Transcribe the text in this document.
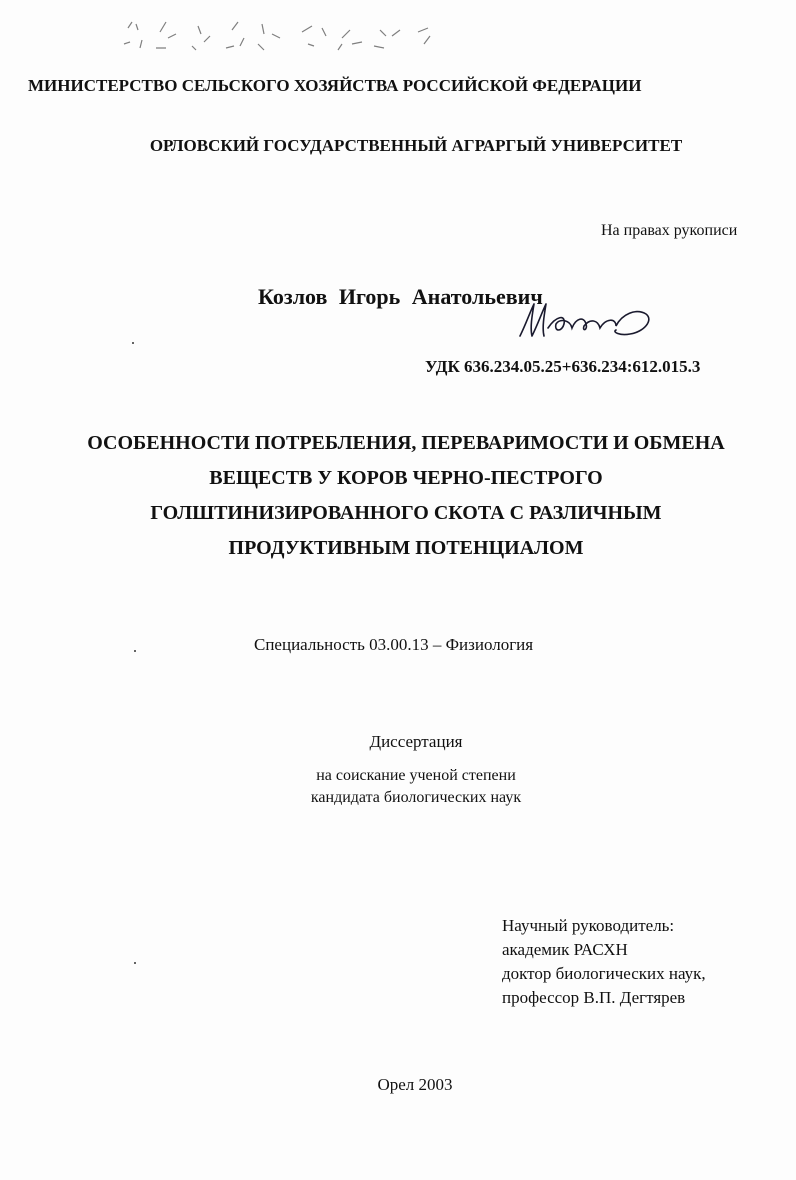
МИНИСТЕРСТВО СЕЛЬСКОГО ХОЗЯЙСТВА РОССИЙСКОЙ ФЕДЕРАЦИИ
ОРЛОВСКИЙ ГОСУДАРСТВЕННЫЙ АГРАРГЫЙ УНИВЕРСИТЕТ
На правах рукописи
Козлов Игорь Анатольевич
УДК 636.234.05.25+636.234:612.015.3
ОСОБЕННОСТИ ПОТРЕБЛЕНИЯ, ПЕРЕВАРИМОСТИ И ОБМЕНА
ВЕЩЕСТВ У КОРОВ ЧЕРНО-ПЕСТРОГО
ГОЛШТИНИЗИРОВАННОГО СКОТА С РАЗЛИЧНЫМ
ПРОДУКТИВНЫМ ПОТЕНЦИАЛОМ
Специальность 03.00.13 – Физиология
Диссертация
на соискание ученой степени
кандидата биологических наук
Научный руководитель:
академик РАСХН
доктор биологических наук,
профессор В.П. Дегтярев
Орел 2003
